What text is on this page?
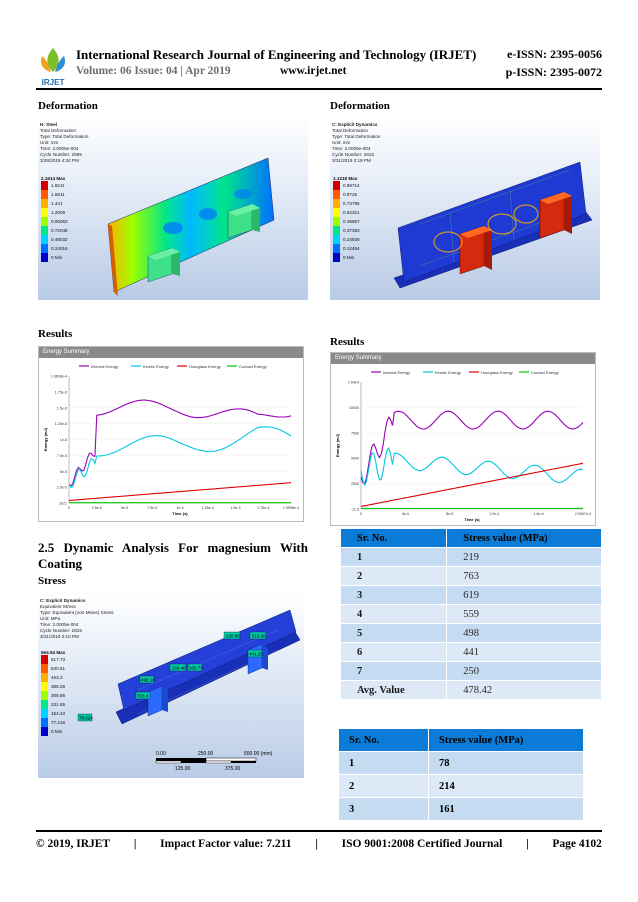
IRJET
International Research Journal of Engineering and Technology (IRJET)	e-ISSN: 2395-0056
Volume: 06 Issue: 04 | Apr 2019	www.irjet.net	p-ISSN: 2395-0072
Deformation	Deformation
Results
Results
2.5 Dynamic Analysis For magnesium With Coating
Stress
H: Steel
Total Deformation
Type: Total Deformation
Unit: mm
Time: 2.0005e-004
Cycle Number: 2595
3/28/2019 4:34 PM
2.1614 Max
1.9211
1.6811
1.441
1.2009
0.96063
0.72048
0.48032
0.24016
0 Min
C: Explicit Dynamics
Total Deformation
Type: Total Deformation
Unit: mm
Time: 2.0005e-004
Cycle Number: 2815
3/31/2019 2:18 PM
1.1218 Max
0.99714
0.8725
0.74785
0.62321
0.49857
0.37393
0.24928
0.12464
0 Min
Energy Summary
Internal Energy	Kinetic Energy	Hourglass Energy	Contact Energy
1.9608e-4
1.75e-6
1.5e-6
1.25e-6
1e-6
7.5e-5
5e-5
2.5e-5
2e21
0	2.5e-5	5e-5	7.5e-5	1e-4	1.25e-4	1.5e-4	1.75e-4	1.9958e-4
Time (s)
Energy (mJ)
Energy Summary
Internal Energy	Kinetic Energy	Hourglass Energy	Contact Energy
1.64e4
10000
7500
5000
2500
-12.5
0	4e-5	8e-5	1.2e-4	1.6e-4	2.0007e-4
Time (s)
Energy (mJ)
C: Explicit Dynamics
Equivalent Stress
Type: Equivalent (von-Mises) Stress
Unit: MPa
Time: 2.0005e-004
Cycle Number: 2815
3/31/2019 2:10 PM
694.94 Max
617.73
540.51
463.3
386.08
308.86
231.65
154.43
77.216
0 Min
220.86	619.96
108.73
498.16
441.29
159.46
763.4
78.624
0.00	250.00	500.00 (mm)
125.00	375.00
Sr. No.	Stress value (MPa)
1	219
2	763
3	619
4	559
5	498
6	441
7	250
Avg. Value	478.42
Sr. No.	Stress value (MPa)
1	78
2	214
3	161
© 2019, IRJET | Impact Factor value: 7.211 | ISO 9001:2008 Certified Journal | Page 4102
